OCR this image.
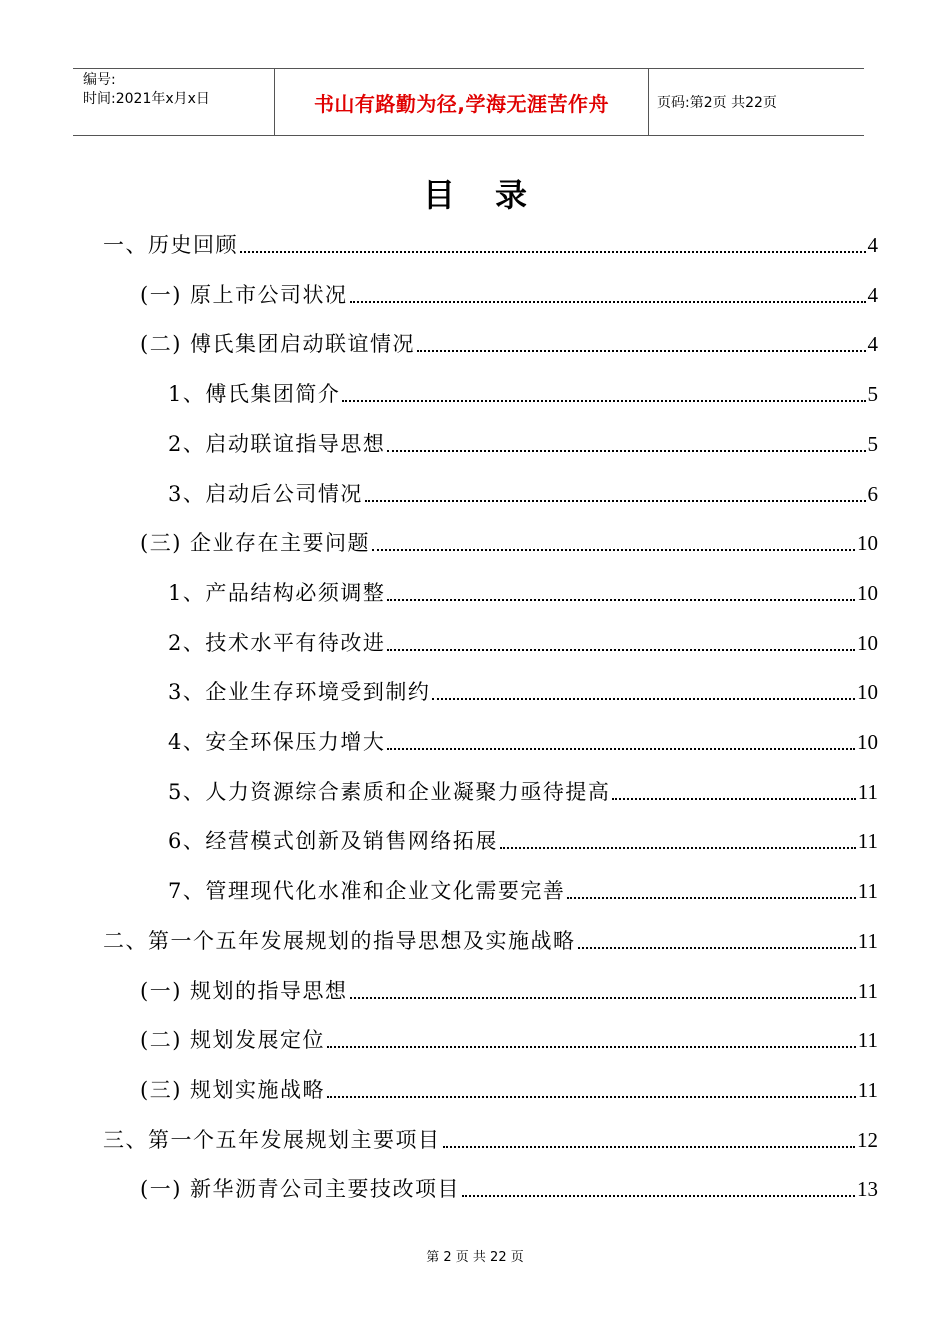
编号:
时间:2021年x月x日	书山有路勤为径,学海无涯苦作舟	页码:第2页 共22页
目录
一、历史回顾	4
(一) 原上市公司状况	4
(二) 傅氏集团启动联谊情况	4
1、傅氏集团简介	5
2、启动联谊指导思想	5
3、启动后公司情况	6
(三) 企业存在主要问题	10
1、产品结构必须调整	10
2、技术水平有待改进	10
3、企业生存环境受到制约	10
4、安全环保压力增大	10
5、人力资源综合素质和企业凝聚力亟待提高	11
6、经营模式创新及销售网络拓展	11
7、管理现代化水准和企业文化需要完善	11
二、第一个五年发展规划的指导思想及实施战略	11
(一) 规划的指导思想	11
(二) 规划发展定位	11
(三) 规划实施战略	11
三、第一个五年发展规划主要项目	12
(一) 新华沥青公司主要技改项目	13
第 2 页 共 22 页
